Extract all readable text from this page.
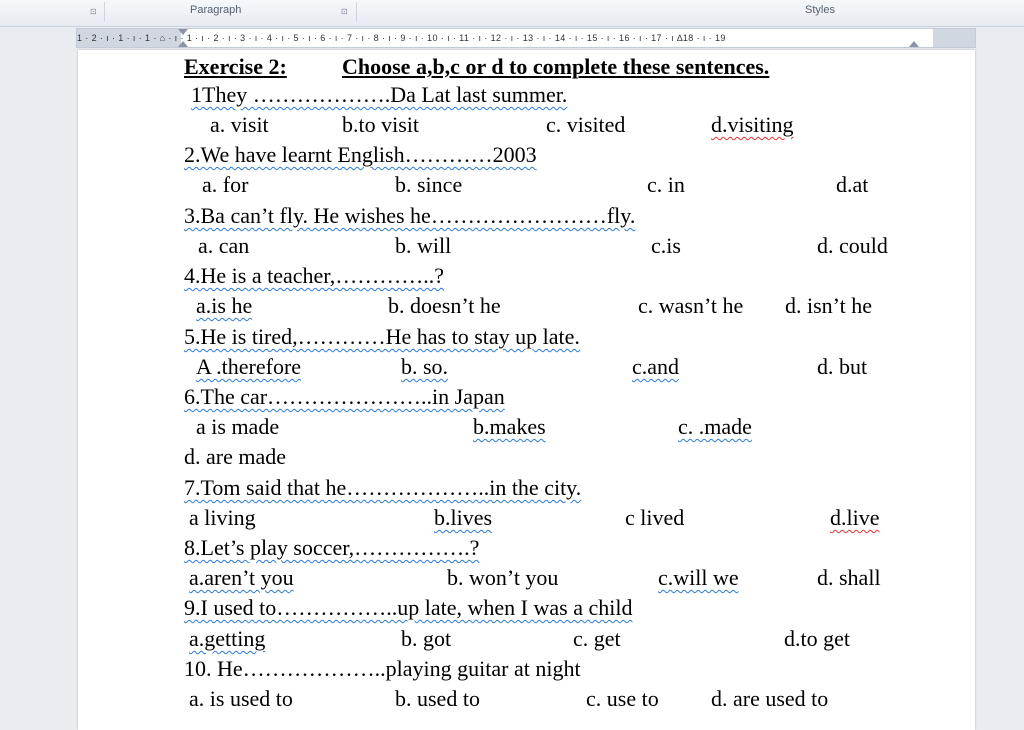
⊡	Paragraph	⊡	Styles
1 · 2 · ı · 1 · ı · 1 · ⌂ · ı · 1 · ı · 2 · ı · 3 · ı · 4 · ı · 5 · ı · 6 · ı · 7 · ı · 8 · ı · 9 · ı · 10 · ı · 11 · ı · 12 · ı · 13 · ı · 14 · ı · 15 · ı · 16 · ı · 17 · ı ∆18 · ı · 19
Exercise 2:	Choose a,b,c or d to complete these sentences.
1They ……………….Da Lat last summer.
a. visit	b.to visit	c. visited	d.visiting
2.We have learnt English…………2003
a. for	b. since	c. in	d.at
3.Ba can’t fly. He wishes he……………………fly.
a. can	b. will	c.is	d. could
4.He is a teacher,…………..?
a.is he	b. doesn’t he	c. wasn’t he d. isn’t he
5.He is tired,…………He has to stay up late.
A .therefore	b. so.	c.and	d. but
6.The car…………………..in Japan
a is made	b.makes	c. .made
d. are made
7.Tom said that he………………..in the city.
a living	b.lives	c lived	d.live
8.Let’s play soccer,…………….?
a.aren’t you	b. won’t you	c.will we	d. shall
9.I used to……………..up late, when I was a child
a.getting	b. got	c. get	d.to get
10. He………………..playing guitar at night
a. is used to	b. used to	c. use to d. are used to
